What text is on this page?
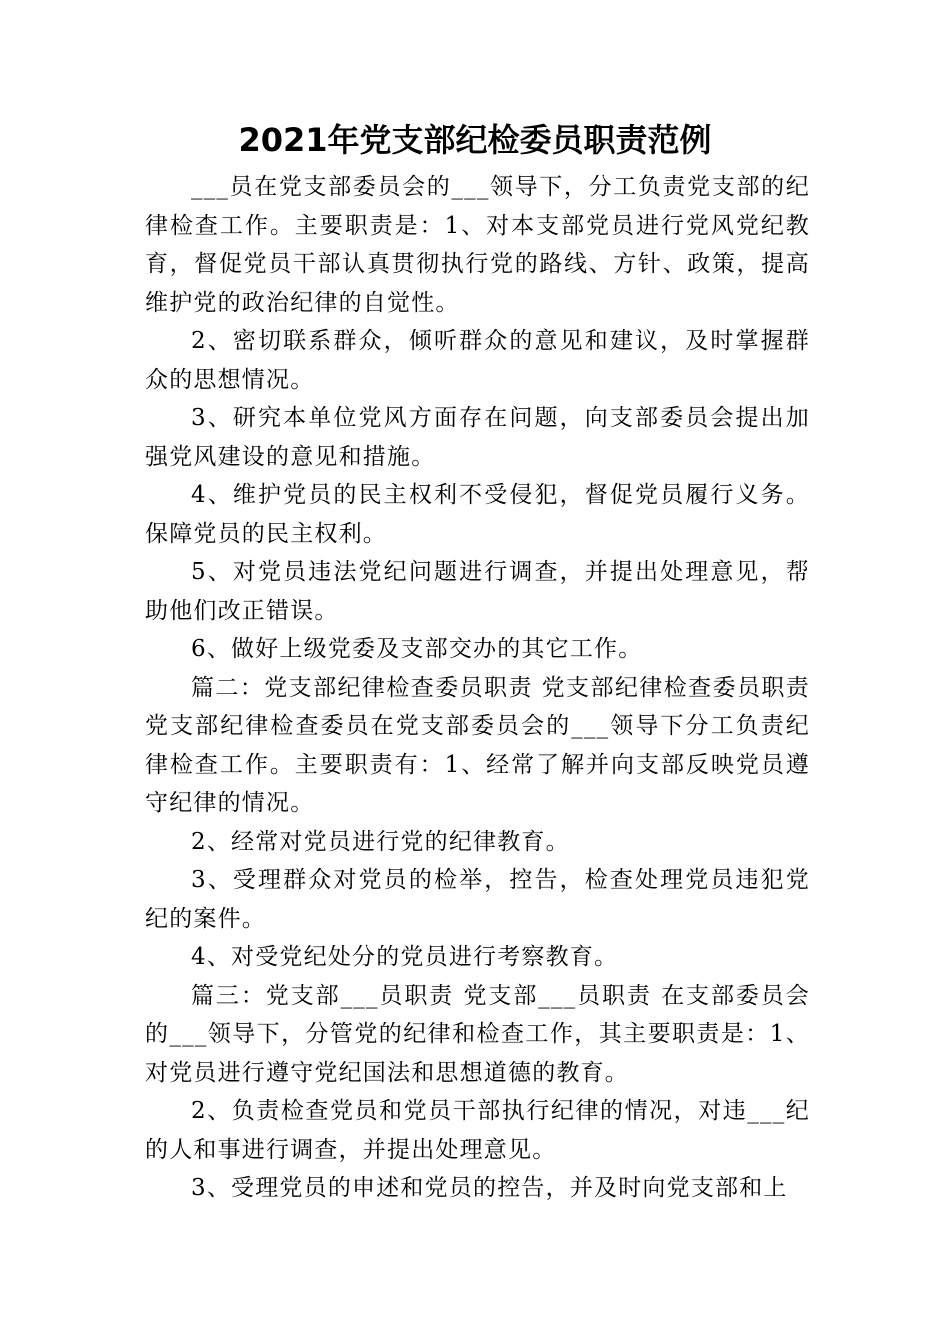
2021年党支部纪检委员职责范例

___员在党支部委员会的___领导下，分工负责党支部的纪律检查工作。主要职责是：1、对本支部党员进行党风党纪教育，督促党员干部认真贯彻执行党的路线、方针、政策，提高维护党的政治纪律的自觉性。

2、密切联系群众，倾听群众的意见和建议，及时掌握群众的思想情况。

3、研究本单位党风方面存在问题，向支部委员会提出加强党风建设的意见和措施。

4、维护党员的民主权利不受侵犯，督促党员履行义务。保障党员的民主权利。

5、对党员违法党纪问题进行调查，并提出处理意见，帮助他们改正错误。

6、做好上级党委及支部交办的其它工作。

篇二：党支部纪律检查委员职责 党支部纪律检查委员职责 党支部纪律检查委员在党支部委员会的___领导下分工负责纪律检查工作。主要职责有：1、经常了解并向支部反映党员遵守纪律的情况。

2、经常对党员进行党的纪律教育。

3、受理群众对党员的检举，控告，检查处理党员违犯党纪的案件。

4、对受党纪处分的党员进行考察教育。

篇三：党支部___员职责 党支部___员职责 在支部委员会的___领导下，分管党的纪律和检查工作，其主要职责是：1、对党员进行遵守党纪国法和思想道德的教育。

2、负责检查党员和党员干部执行纪律的情况，对违___纪的人和事进行调查，并提出处理意见。

3、受理党员的申述和党员的控告，并及时向党支部和上
